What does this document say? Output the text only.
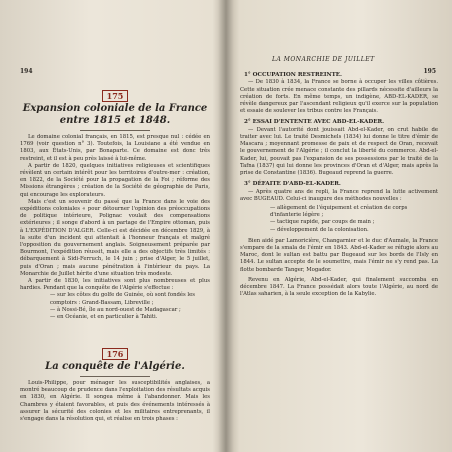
194
175

Expansion coloniale de la France

entre 1815 et 1848.

Le domaine colonial français, en 1815, est presque nul : cédée en 1769 (voir question n° 3). Toutefois, la Louisiane a été vendue en 1803, aux États-Unis, par Bonaparte. Ce domaine est donc très restreint, et il est à peu près laissé à lui-même.

A partir de 1820, quelques initiatives religieuses et scientifiques révèlent un certain intérêt pour les territoires d'outre-mer : création, en 1822, de la Société pour la propagation de la Foi ; réforme des Missions étrangères ; création de la Société de géographie de Paris, qui encourage les explorateurs.

Mais c'est un souvenir du passé que la France dans le voie des expéditions coloniales « pour détourner l'opinion des préoccupations de politique intérieure, Polignac voulait des compensations extérieures ; il songe d'abord à un partage de l'Empire ottoman, puis à L'EXPÉDITION D'ALGER. Celle-ci est décidée en décembre 1829, à la suite d'un incident qui attentait à l'honneur français et malgré l'opposition du gouvernement anglais. Soigneusement préparée par Bourmont, l'expédition réussit, mais elle a des objectifs très limités : débarquement à Sidi-Ferruch, le 14 juin ; prise d'Alger, le 5 juillet, puis d'Oran ; mais aucune pénétration à l'intérieur du pays. La Monarchie de Juillet hérite d'une situation très modeste.

A partir de 1830, les initiatives sont plus nombreuses et plus hardies. Pendant que la conquête de l'Algérie s'effectue :

— sur les côtes du golfe de Guinée, où sont fondés les comptoirs : Grand-Bassam, Libreville ;

— à Nossi-Bé, île au nord-ouest de Madagascar ;

— en Océanie, et en particulier à Tahiti.

176

La conquête de l'Algérie.

Louis-Philippe, pour ménager les susceptibilités anglaises, a montré beaucoup de prudence dans l'exploitation des résultats acquis en 1830, en Algérie. Il songea même à l'abandonner. Mais les Chambres y étaient favorables, et puis des événements intéressés à assurer la sécurité des colonies et les militaires entreprenants, il s'engage dans la résolution qui, et réalise en trois phases :

LA MONARCHIE DE JUILLET
195

1° OCCUPATION RESTREINTE.

— De 1830 à 1834, la France se borne à occuper les villes côtières. Cette situation crée menace constante des pillards nécessite d'ailleurs la création de forts. En même temps, un indigène, ABD-EL-KADER, se révèle dangereux par l'ascendant religieux qu'il exerce sur la population et essaie de soulever les tribus contre les Français.

2° ESSAI D'ENTENTE AVEC ABD-EL-KADER.

— Devant l'autorité dont jouissait Abd-el-Kader, on crut habile de traiter avec lui. Le traité Desmichels (1834) lui donne le titre d'émir de Mascara ; moyennant promesse de paix et de respect de Oran, recevait le gouvernement de l'Algérie ; il conclut la liberté du commerce. Abd-el-Kader, lui, pouvait pas l'expansion de ses possessions par le traité de la Tafna (1837) qui lui donne les provinces d'Oran et d'Alger, mais après la prise de Constantine (1836). Bugeaud reprend la guerre.

3° DÉFAITE D'ABD-EL-KADER.

— Après quatre ans de repli, la France reprend la lutte activement avec BUGEAUD. Celui-ci inaugure des méthodes nouvelles :

— allègement de l'équipement et création de corps d'infanterie légère ;

— tactique rapide, par coups de main ;

— développement de la colonisation.

Bien aidé par Lamoricière, Changarnier et le duc d'Aumale, la France s'empare de la smala de l'émir en 1843. Abd-el-Kader se réfugie alors au Maroc, dont le sultan est battu par Bugeaud sur les bords de l'Isly en 1844. Le sultan accepte de le soumettre, mais l'émir ne s'y rend pas. La flotte bombarde Tanger, Mogador.

Revenu en Algérie, Abd-el-Kader, qui finalement succomba en décembre 1847. La France possédait alors toute l'Algérie, au nord de l'Atlas saharien, à la seule exception de la Kabylie.
